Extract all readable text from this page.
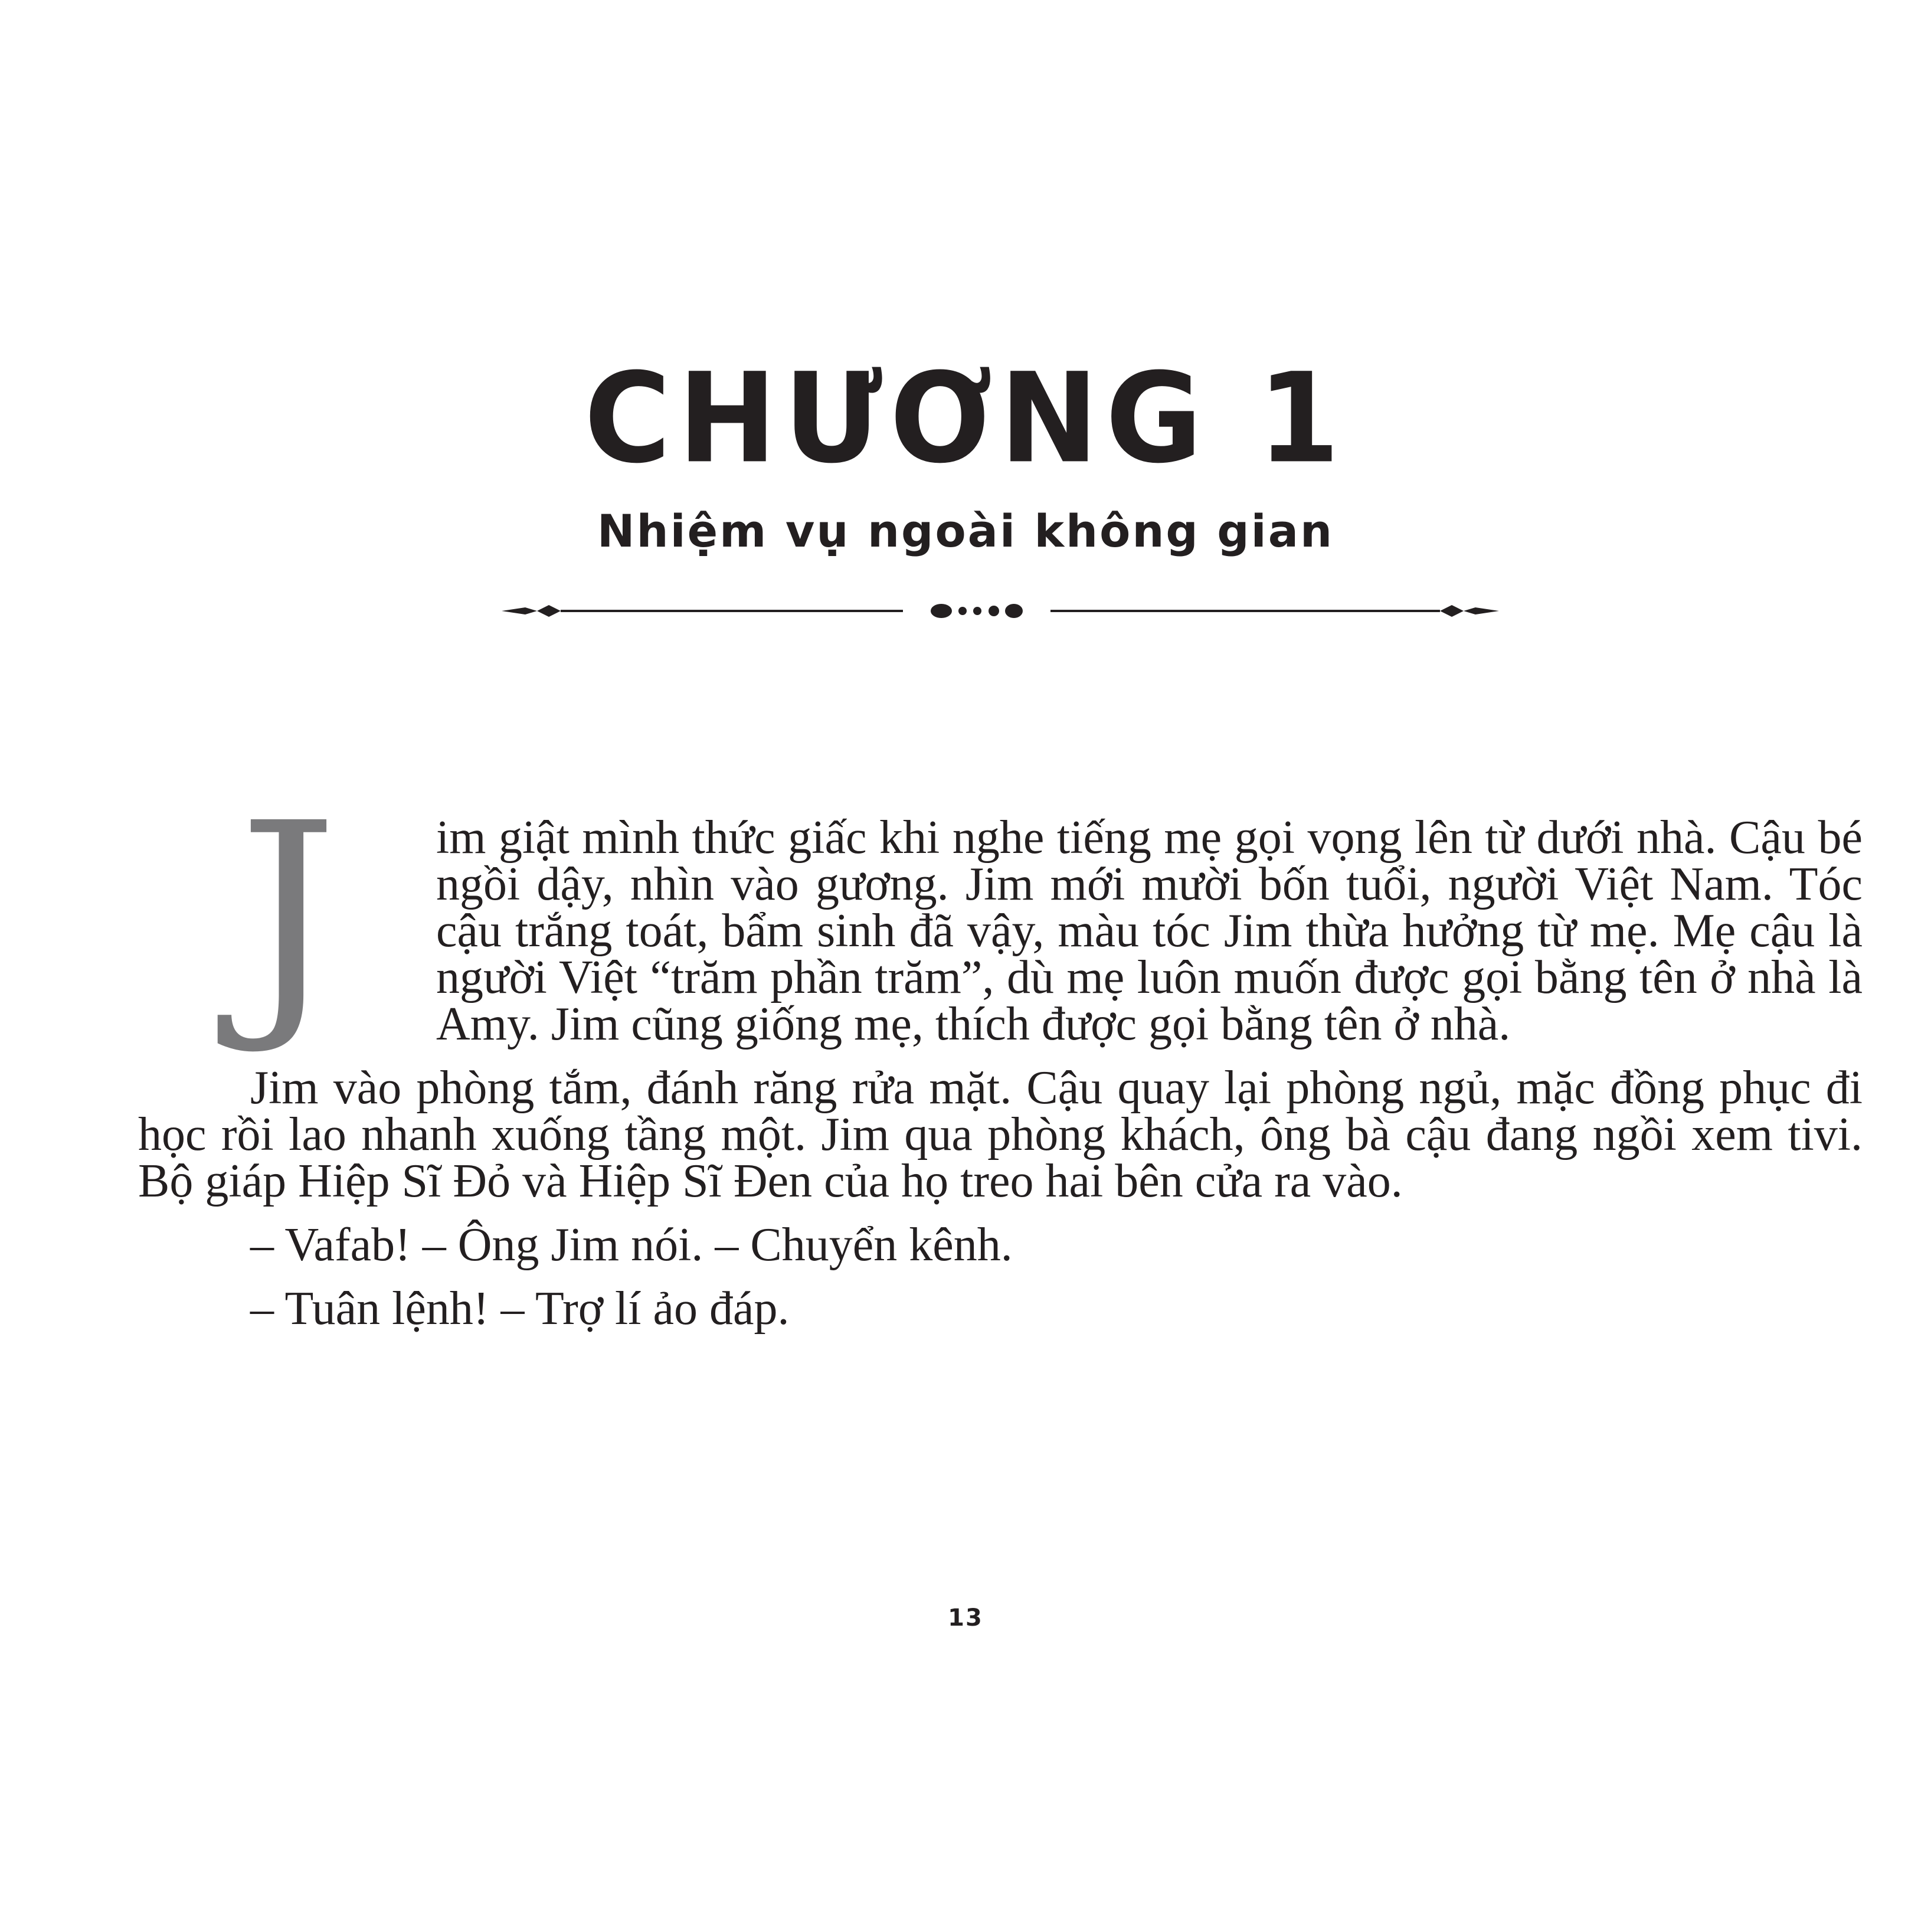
CHƯƠNG 1
Nhiệm vụ ngoài không gian

J im giật mình thức giấc khi nghe tiếng mẹ gọi vọng lên từ dưới nhà. Cậu bé ngồi dậy, nhìn vào gương. Jim mới mười bốn tuổi, người Việt Nam. Tóc cậu trắng toát, bẩm sinh đã vậy, màu tóc Jim thừa hưởng từ mẹ. Mẹ cậu là người Việt “trăm phần trăm”, dù mẹ luôn muốn được gọi bằng tên ở nhà là Amy. Jim cũng giống mẹ, thích được gọi bằng tên ở nhà.

Jim vào phòng tắm, đánh răng rửa mặt. Cậu quay lại phòng ngủ, mặc đồng phục đi học rồi lao nhanh xuống tầng một. Jim qua phòng khách, ông bà cậu đang ngồi xem tivi. Bộ giáp Hiệp Sĩ Đỏ và Hiệp Sĩ Đen của họ treo hai bên cửa ra vào.

– Vafab! – Ông Jim nói. – Chuyển kênh.

– Tuân lệnh! – Trợ lí ảo đáp.

13
